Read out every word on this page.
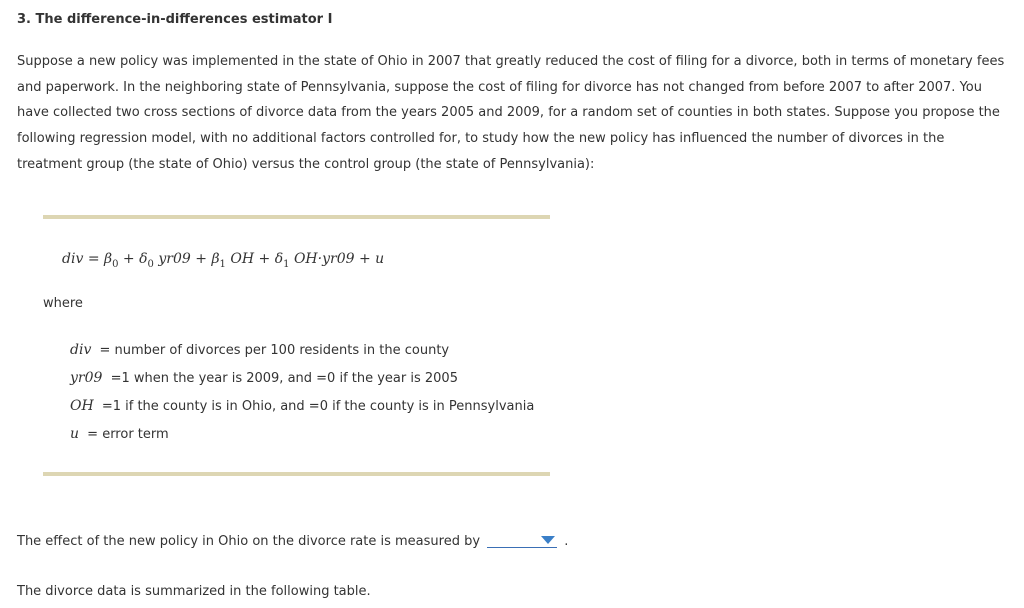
3. The difference-in-differences estimator I

Suppose a new policy was implemented in the state of Ohio in 2007 that greatly reduced the cost of filing for a divorce, both in terms of monetary fees and paperwork. In the neighboring state of Pennsylvania, suppose the cost of filing for divorce has not changed from before 2007 to after 2007. You have collected two cross sections of divorce data from the years 2005 and 2009, for a random set of counties in both states. Suppose you propose the following regression model, with no additional factors controlled for, to study how the new policy has influenced the number of divorces in the treatment group (the state of Ohio) versus the control group (the state of Pennsylvania):

div = $\beta_0 + \delta_0$ $yr09 + \beta_1$ OH + $\delta_1$ OH·yr09 + u
where
div = number of divorces per 100 residents in the county
yr09 =1 when the year is 2009, and =0 if the year is 2005
OH =1 if the county is in Ohio, and =0 if the county is in Pennsylvania
u = error term
The effect of the new policy in Ohio on the divorce rate is measured by	.
The divorce data is summarized in the following table.
